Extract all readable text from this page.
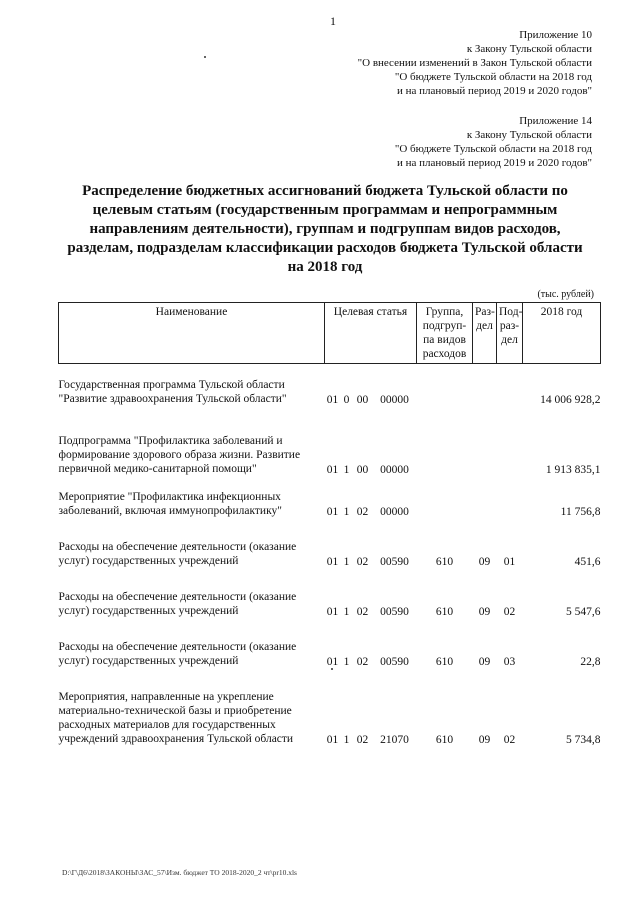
1
Приложение 10
к Закону Тульской области
"О внесении изменений в Закон Тульской области
"О бюджете Тульской области на 2018 год
и на плановый период 2019 и 2020 годов"
Приложение 14
к Закону Тульской области
"О бюджете Тульской области на 2018 год
и на плановый период 2019 и 2020 годов"
Распределение бюджетных ассигнований бюджета Тульской области по целевым статьям (государственным программам и непрограммным направлениям деятельности), группам и подгруппам видов расходов, разделам, подразделам классификации расходов бюджета Тульской области на 2018 год
(тыс. рублей)
Наименование	Целевая статья				Группа, подгруп-па видов расходов	Раз-дел	Под-раз-дел	2018 год

Государственная программа Тульской области "Развитие здравоохранения Тульской области"	01	0	00	00000				14 006 928,2

Подпрограмма "Профилактика заболеваний и формирование здорового образа жизни. Развитие первичной медико-санитарной помощи"	01	1	00	00000				1 913 835,1

Мероприятие "Профилактика инфекционных заболеваний, включая иммунопрофилактику"	01	1	02	00000				11 756,8

Расходы на обеспечение деятельности (оказание услуг) государственных учреждений	01	1	02	00590	610	09	01	451,6

Расходы на обеспечение деятельности (оказание услуг) государственных учреждений	01	1	02	00590	610	09	02	5 547,6

Расходы на обеспечение деятельности (оказание услуг) государственных учреждений	01	1	02	00590	610	09	03	22,8

Мероприятия, направленные на укрепление материально-технической базы и приобретение расходных материалов для государственных учреждений здравоохранения Тульской области	01	1	02	21070	610	09	02	5 734,8
D:\Г\Д6\2018\ЗАКОНЫ\ЗАС_57\Изм. бюджет ТО 2018-2020_2 чт\pr10.xls
